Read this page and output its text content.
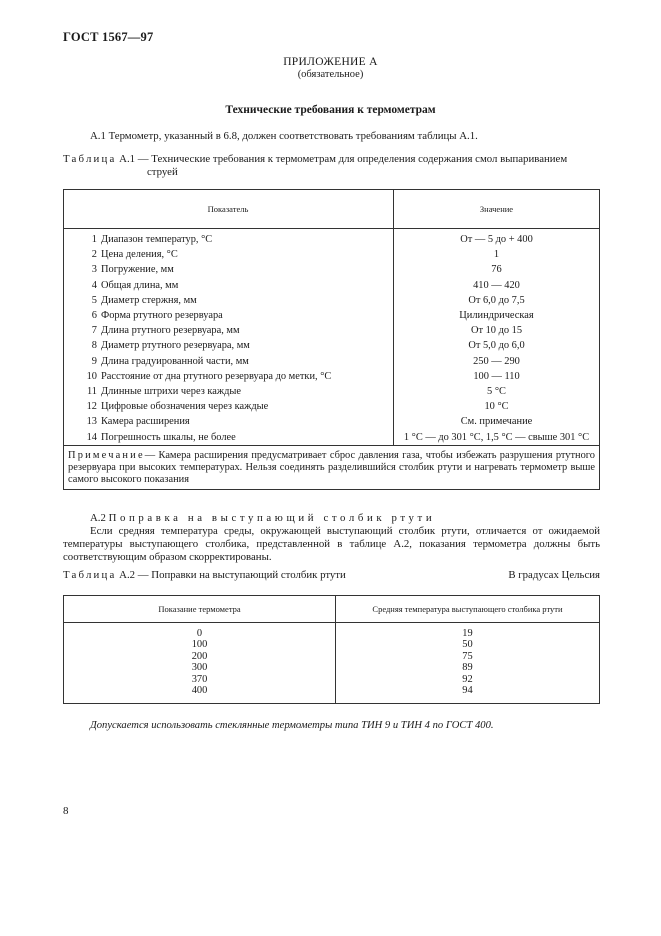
ГОСТ 1567—97
ПРИЛОЖЕНИЕ А
(обязательное)
Технические требования к термометрам
А.1 Термометр, указанный в 6.8, должен соответствовать требованиям таблицы А.1.
Таблица А.1 — Технические требования к термометрам для определения содержания смол выпариванием
струей
Показатель	Значение
1 Диапазон температур, °С	От — 5 до + 400
2 Цена деления, °С	1
3 Погружение, мм	76
4 Общая длина, мм	410 — 420
5 Диаметр стержня, мм	От 6,0 до 7,5
6 Форма ртутного резервуара	Цилиндрическая
7 Длина ртутного резервуара, мм	От 10 до 15
8 Диаметр ртутного резервуара, мм	От 5,0 до 6,0
9 Длина градуированной части, мм	250 — 290
10 Расстояние от дна ртутного резервуара до метки, °С	100 — 110
11 Длинные штрихи через каждые	5 °С
12 Цифровые обозначения через каждые	10 °С
13 Камера расширения	См. примечание
14 Погрешность шкалы, не более	1 °С — до 301 °С, 1,5 °С — свыше 301 °С
Примечание— Камера расширения предусматривает сброс давления газа, чтобы избежать разрушения ртутного резервуара при высоких температурах. Нельзя соединять разделившийся столбик ртути и нагревать термометр выше самого высокого показания	
А.2 Поправка на выступающий столбик ртути
Если средняя температура среды, окружающей выступающий столбик ртути, отличается от ожидаемой температуры выступающего столбика, представленной в таблице А.2, показания термометра должны быть соответствующим образом скорректированы.
Таблица А.2 — Поправки на выступающий столбик ртути	В градусах Цельсия
Показание термометра	Средняя температура выступающего столбика ртути
0	19
100	50
200	75
300	89
370	92
400	94
Допускается использовать стеклянные термометры типа ТИН 9 и ТИН 4 по ГОСТ 400.
8
